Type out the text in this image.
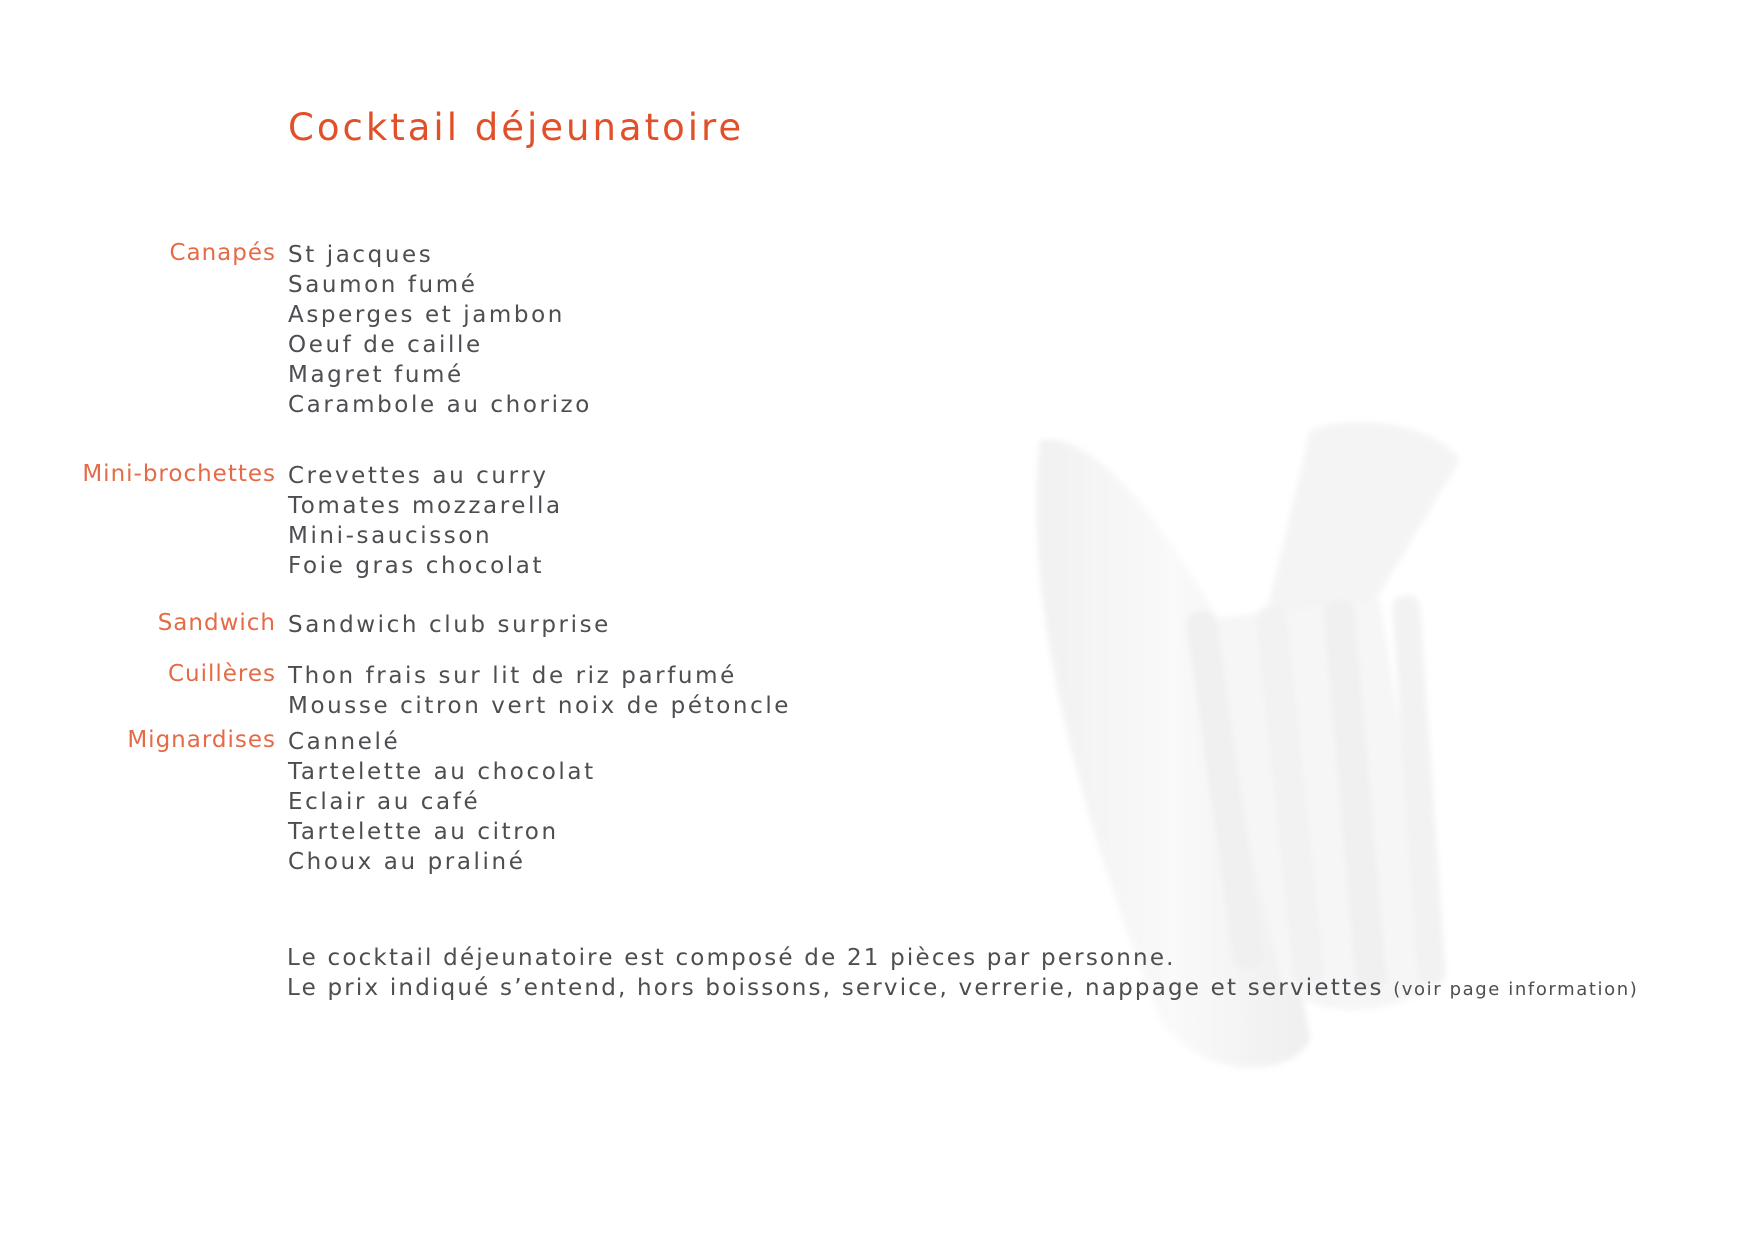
Cocktail déjeunatoire
Canapés St jacques
Saumon fumé
Asperges et jambon
Oeuf de caille
Magret fumé
Carambole au chorizo
Mini-brochettes Crevettes au curry
Tomates mozzarella
Mini-saucisson
Foie gras chocolat
Sandwich Sandwich club surprise
Cuillères Thon frais sur lit de riz parfumé
Mousse citron vert noix de pétoncle
Mignardises Cannelé
Tartelette au chocolat
Eclair au café
Tartelette au citron
Choux au praliné
Le cocktail déjeunatoire est composé de 21 pièces par personne.
Le prix indiqué s’entend, hors boissons, service, verrerie, nappage et serviettes (voir page information)
